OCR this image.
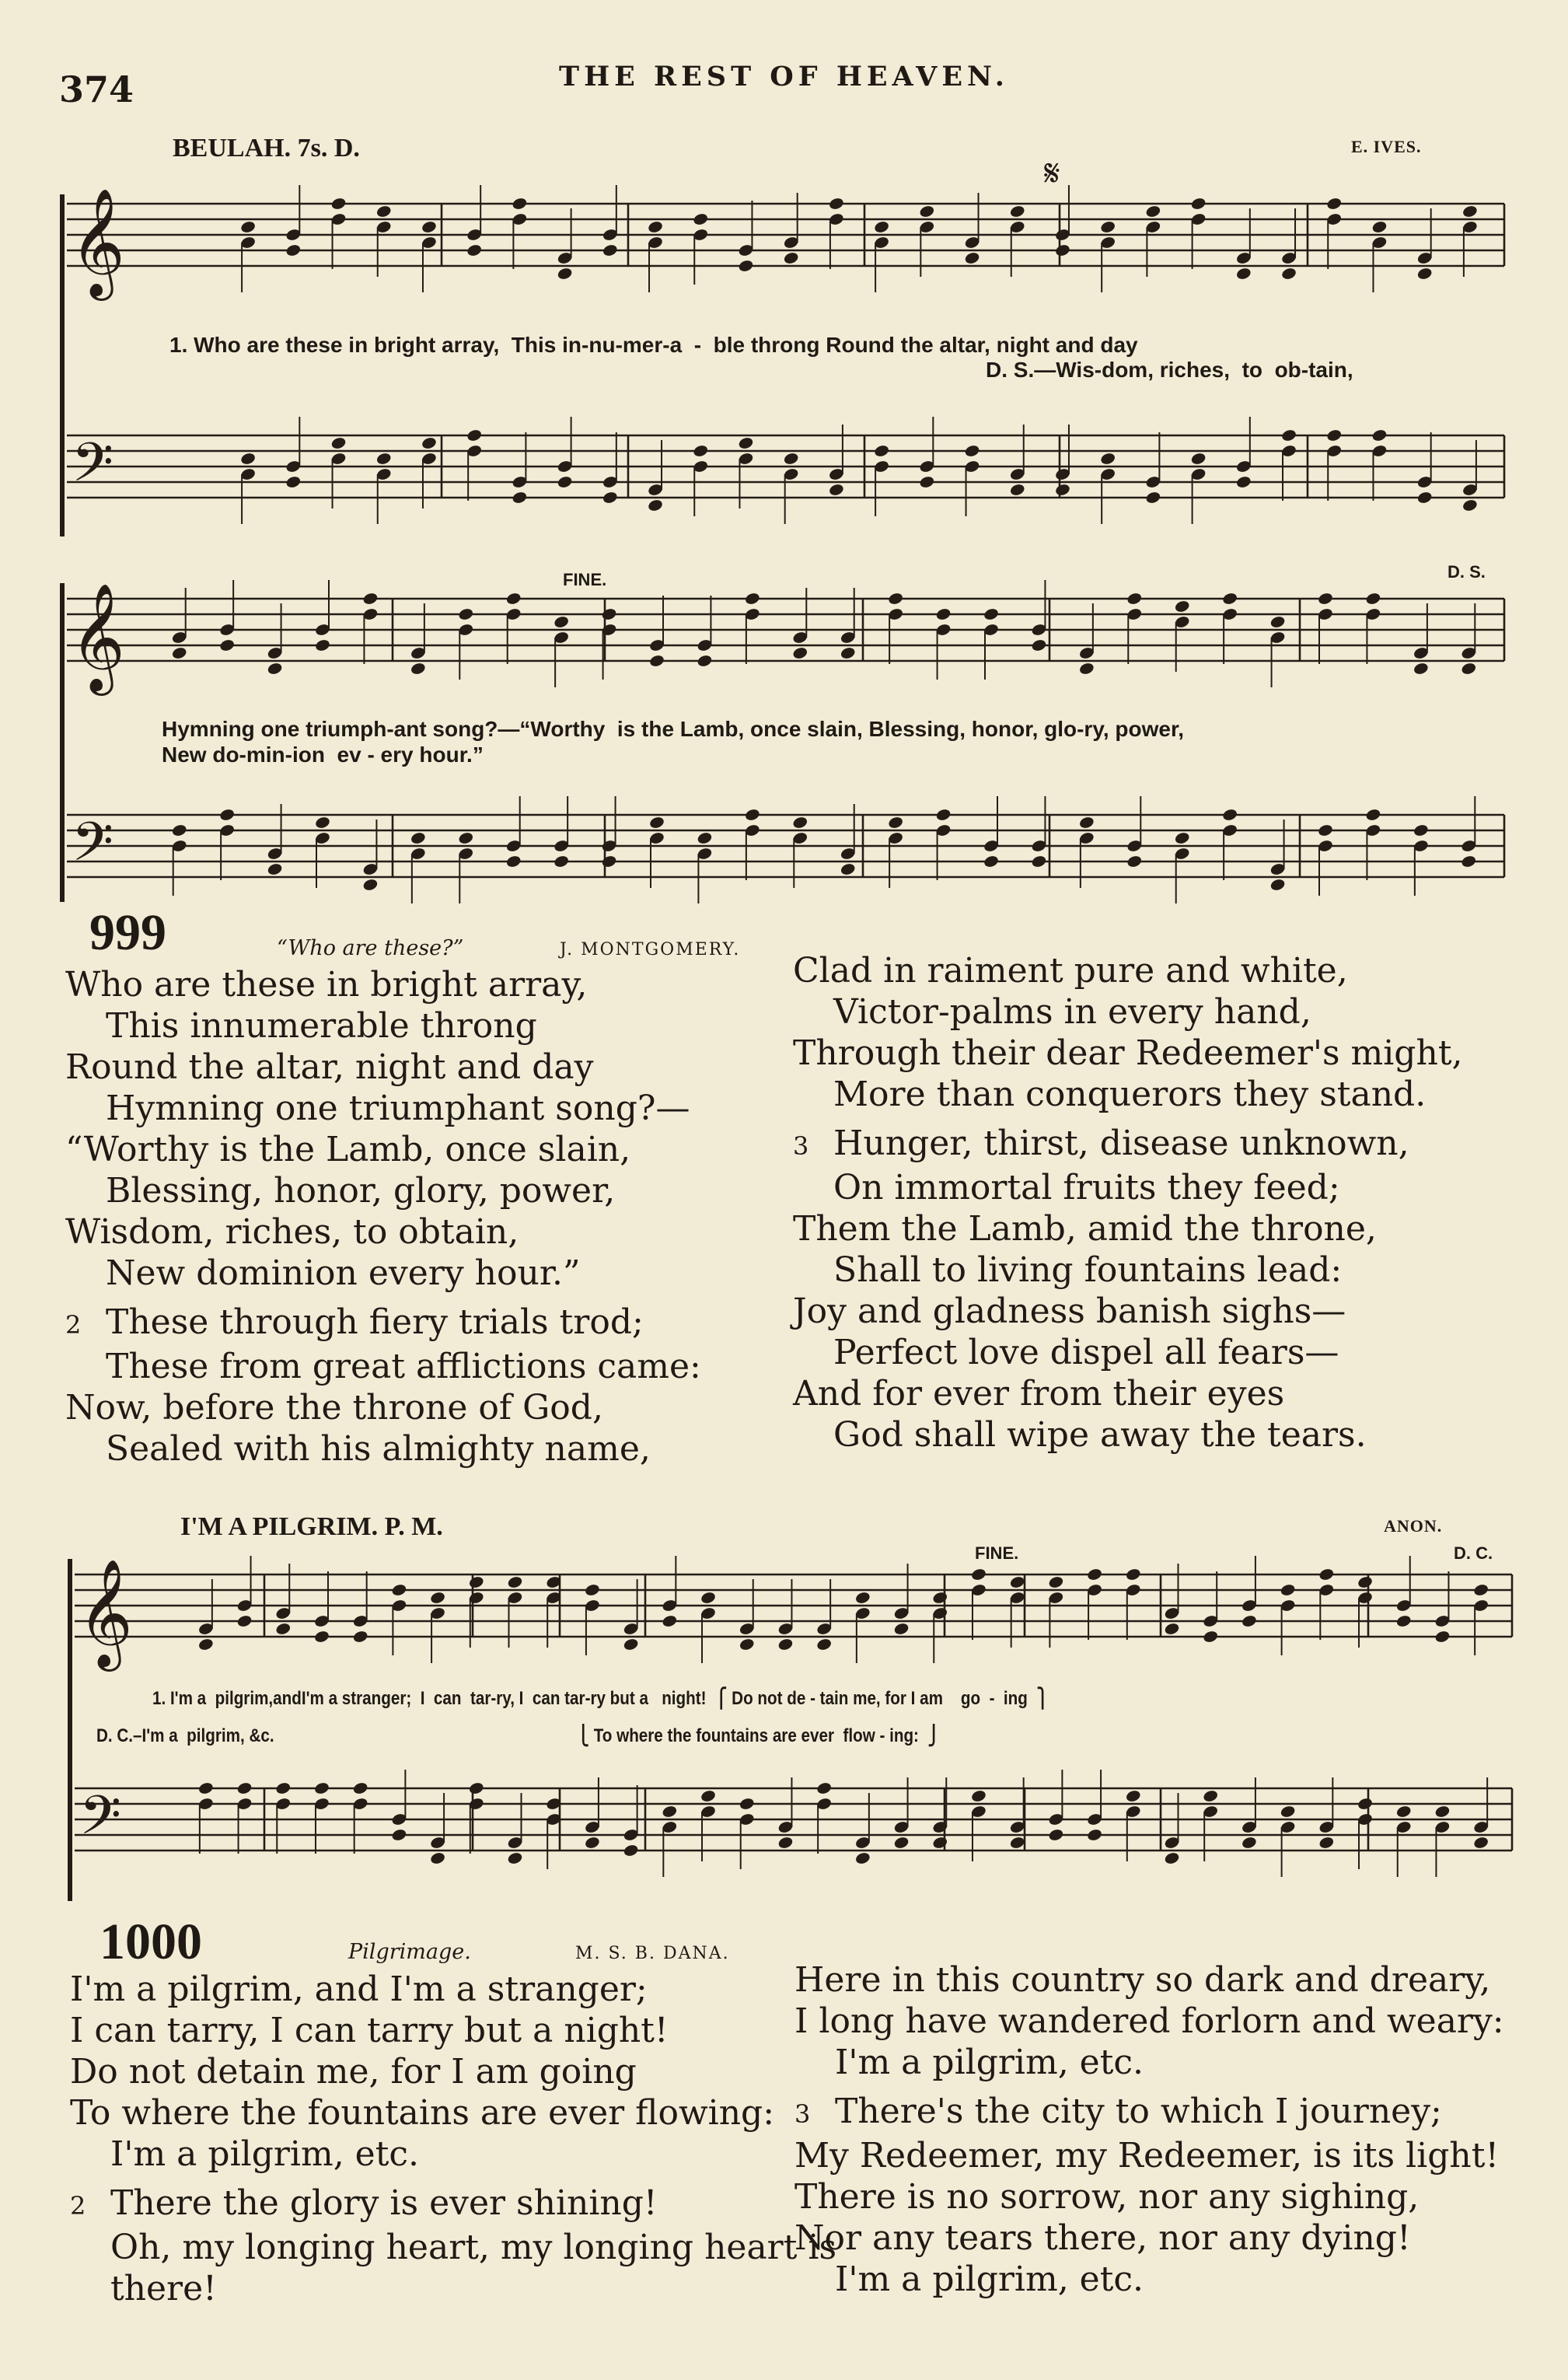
374	THE REST OF HEAVEN.
BEULAH. 7s. D.	E. IVES.
𝄋
𝄞
𝄢
𝄞
𝄢
𝄞
𝄢
1. Who are these in bright array,  This in-nu-mer-a  -  ble throng Round the altar, night and day
D. S.—Wis-dom, riches,  to  ob-tain,
FINE.	D. S.
Hymning one triumph-ant song?—“Worthy  is the Lamb, once slain, Blessing, honor, glo-ry, power,
New do-min-ion  ev - ery hour.”
999	“Who are these?”	J. MONTGOMERY.
Who are these in bright array,
This innumerable throng
Round the altar, night and day
Hymning one triumphant song?—
“Worthy is the Lamb, once slain,
Blessing, honor, glory, power,
Wisdom, riches, to obtain,
New dominion every hour.”
2 These through fiery trials trod;
These from great afflictions came:
Now, before the throne of God,
Sealed with his almighty name,
Clad in raiment pure and white,
Victor-palms in every hand,
Through their dear Redeemer's might,
More than conquerors they stand.
3 Hunger, thirst, disease unknown,
On immortal fruits they feed;
Them the Lamb, amid the throne,
Shall to living fountains lead:
Joy and gladness banish sighs—
Perfect love dispel all fears—
And for ever from their eyes
God shall wipe away the tears.
I'M A PILGRIM. P. M.	ANON.
FINE.	D. C.
1. I'm a  pilgrim,andI'm a stranger;  I  can  tar-ry, I  can tar-ry but a   night!  ⎧ Do not de - tain me, for I am    go  -  ing  ⎫
D. C.–I'm a  pilgrim, &c.                                                                    ⎩ To where the fountains are ever  flow - ing:  ⎭
1000	Pilgrimage.	M. S. B. DANA.
I'm a pilgrim, and I'm a stranger;
I can tarry, I can tarry but a night!
Do not detain me, for I am going
To where the fountains are ever flowing:
I'm a pilgrim, etc.
2 There the glory is ever shining!
Oh, my longing heart, my longing heart is
there!
Here in this country so dark and dreary,
I long have wandered forlorn and weary:
I'm a pilgrim, etc.
3 There's the city to which I journey;
My Redeemer, my Redeemer, is its light!
There is no sorrow, nor any sighing,
Nor any tears there, nor any dying!
I'm a pilgrim, etc.
